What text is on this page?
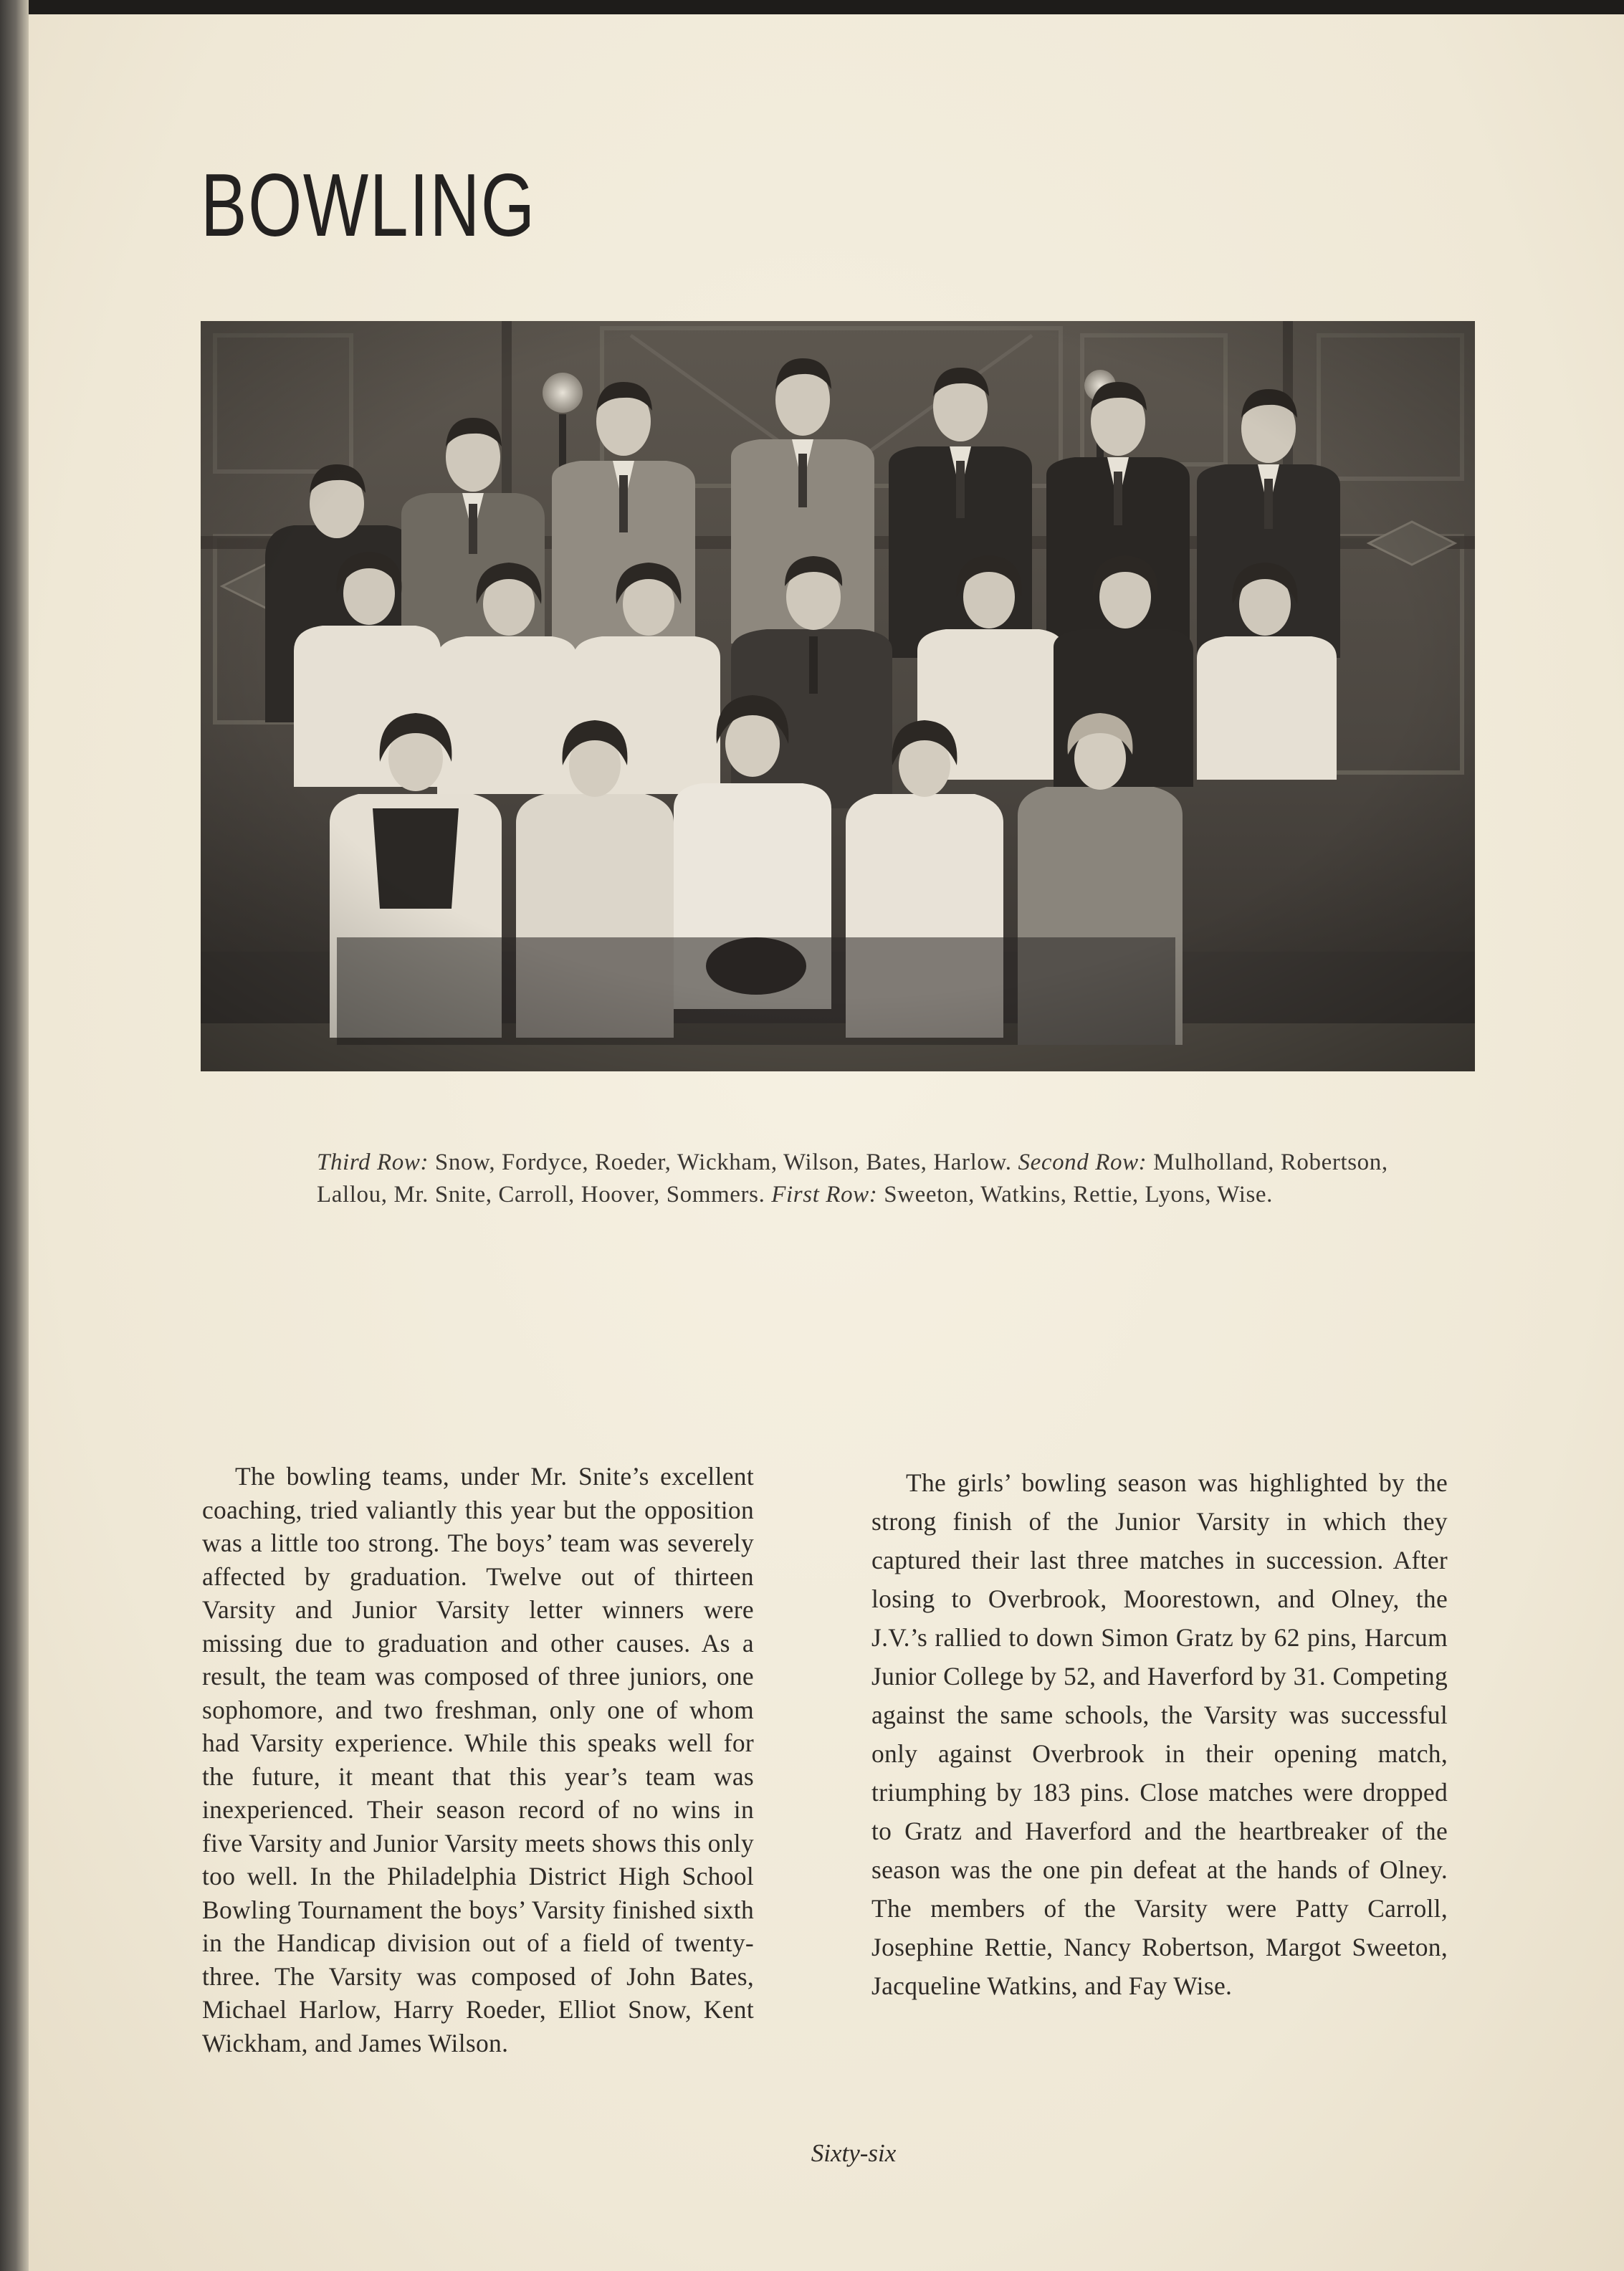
BOWLING

Third Row: Snow, Fordyce, Roeder, Wickham, Wilson, Bates, Harlow. Second Row: Mulholland, Robertson, Lallou, Mr. Snite, Carroll, Hoover, Sommers. First Row: Sweeton, Watkins, Rettie, Lyons, Wise.

The bowling teams, under Mr. Snite’s excellent coaching, tried valiantly this year but the opposition was a little too strong. The boys’ team was severely affected by graduation. Twelve out of thirteen Varsity and Junior Varsity letter winners were missing due to graduation and other causes. As a result, the team was composed of three juniors, one sophomore, and two freshman, only one of whom had Varsity experience. While this speaks well for the future, it meant that this year’s team was inexperienced. Their season record of no wins in five Varsity and Junior Varsity meets shows this only too well. In the Philadelphia District High School Bowling Tournament the boys’ Varsity finished sixth in the Handicap division out of a field of twenty-three. The Varsity was composed of John Bates, Michael Harlow, Harry Roeder, Elliot Snow, Kent Wickham, and James Wilson.

The girls’ bowling season was highlighted by the strong finish of the Junior Varsity in which they captured their last three matches in succession. After losing to Overbrook, Moorestown, and Olney, the J.V.’s rallied to down Simon Gratz by 62 pins, Harcum Junior College by 52, and Haverford by 31. Competing against the same schools, the Varsity was successful only against Overbrook in their opening match, triumphing by 183 pins. Close matches were dropped to Gratz and Haverford and the heartbreaker of the season was the one pin defeat at the hands of Olney. The members of the Varsity were Patty Carroll, Josephine Rettie, Nancy Robertson, Margot Sweeton, Jacqueline Watkins, and Fay Wise.

Sixty-six
